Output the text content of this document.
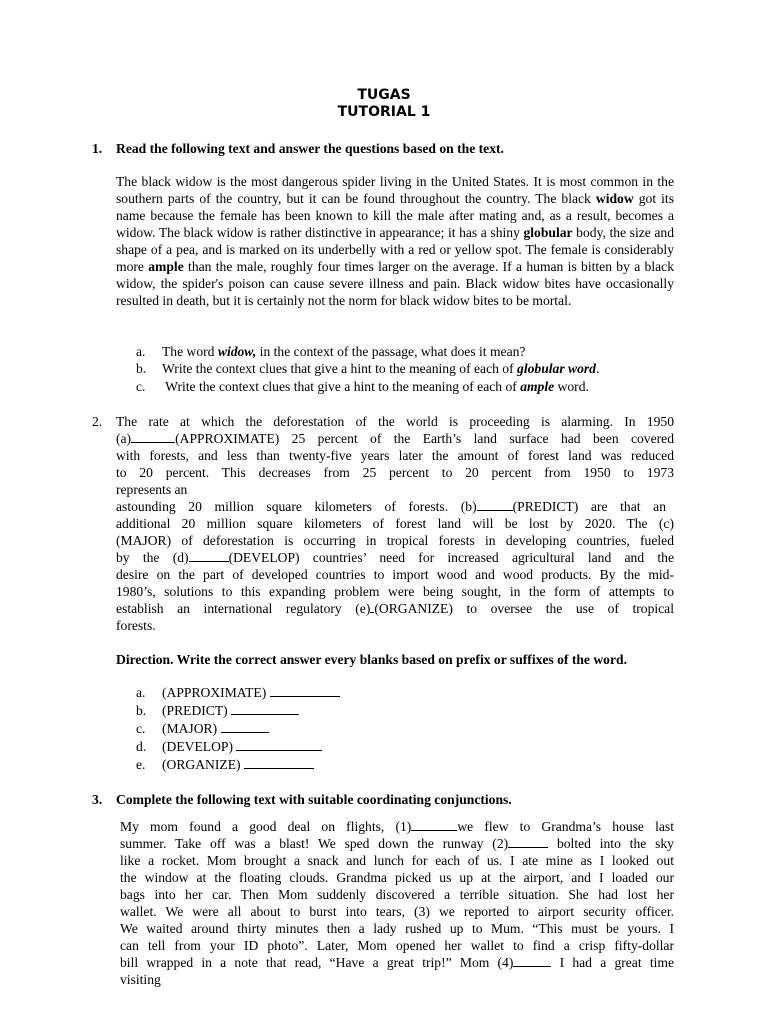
TUGAS
TUTORIAL 1
1. Read the following text and answer the questions based on the text.
The black widow is the most dangerous spider living in the United States. It is most common in the southern parts of the country, but it can be found throughout the country. The black widow got its name because the female has been known to kill the male after mating and, as a result, becomes a widow. The black widow is rather distinctive in appearance; it has a shiny globular body, the size and shape of a pea, and is marked on its underbelly with a red or yellow spot. The female is considerably more ample than the male, roughly four times larger on the average. If a human is bitten by a black widow, the spider's poison can cause severe illness and pain. Black widow bites have occasionally resulted in death, but it is certainly not the norm for black widow bites to be mortal.
a. The word widow, in the context of the passage, what does it mean?
b. Write the context clues that give a hint to the meaning of each of globular word.
c. Write the context clues that give a hint to the meaning of each of ample word.
2. The rate at which the deforestation of the world is proceeding is alarming. In 1950
(a)	(APPROXIMATE) 25 percent of the Earth’s land surface had been covered
with forests, and less than twenty-five years later the amount of forest land was reduced
to 20 percent. This decreases from 25 percent to 20 percent from 1950 to 1973
represents an
astounding 20 million square kilometers of forests. (b)	(PREDICT) are that an
additional 20 million square kilometers of forest land will be lost by 2020. The (c)
(MAJOR) of deforestation is occurring in tropical forests in developing countries, fueled
by the (d)	(DEVELOP) countries’ need for increased agricultural land and the
desire on the part of developed countries to import wood and wood products. By the mid-
1980’s, solutions to this expanding problem were being sought, in the form of attempts to
establish an international regulatory (e) (ORGANIZE) to oversee the use of tropical
forests.
Direction. Write the correct answer every blanks based on prefix or suffixes of the word.
a. (APPROXIMATE)
b. (PREDICT)
c. (MAJOR)
d. (DEVELOP)
e. (ORGANIZE)
3. Complete the following text with suitable coordinating conjunctions.
My mom found a good deal on flights, (1)	we flew to Grandma’s house last
summer. Take off was a blast! We sped down the runway (2)	bolted into the sky
like a rocket. Mom brought a snack and lunch for each of us. I ate mine as I looked out
the window at the floating clouds. Grandma picked us up at the airport, and I loaded our
bags into her car. Then Mom suddenly discovered a terrible situation. She had lost her
wallet. We were all about to burst into tears, (3) we reported to airport security officer.
We waited around thirty minutes then a lady rushed up to Mum. “This must be yours. I
can tell from your ID photo”. Later, Mom opened her wallet to find a crisp fifty-dollar
bill wrapped in a note that read, “Have a great trip!” Mom (4)	I had a great time
visiting
